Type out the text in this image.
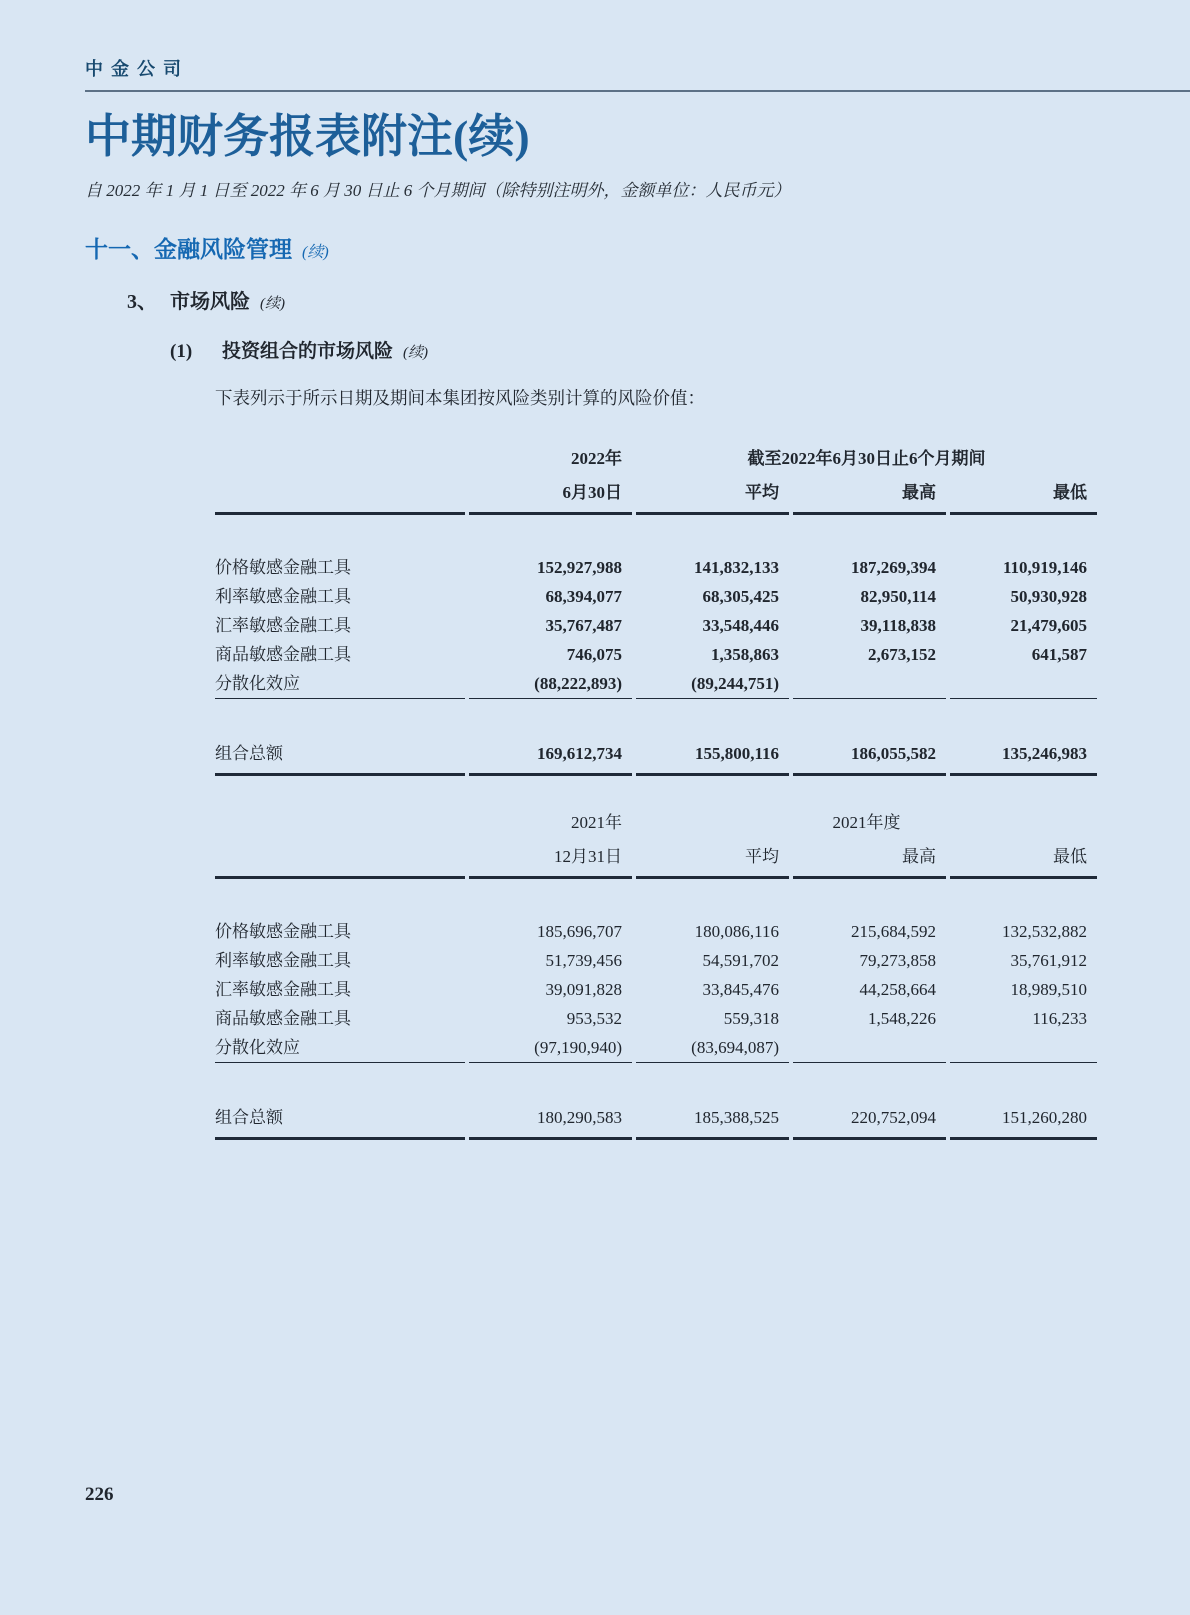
中金公司
中期财务报表附注(续)
自 2022 年 1 月 1 日至 2022 年 6 月 30 日止 6 个月期间（除特别注明外，金额单位：人民币元）
十一、金融风险管理 (续)
3、 市场风险 (续)
(1) 投资组合的市场风险 (续)
下表列示于所示日期及期间本集团按风险类别计算的风险价值：
	2022年	截至2022年6月30日止6个月期间		
	6月30日	平均	最高	最低
价格敏感金融工具	152,927,988	141,832,133	187,269,394	110,919,146
利率敏感金融工具	68,394,077	68,305,425	82,950,114	50,930,928
汇率敏感金融工具	35,767,487	33,548,446	39,118,838	21,479,605
商品敏感金融工具	746,075	1,358,863	2,673,152	641,587
分散化效应	(88,222,893)	(89,244,751)		

组合总额	169,612,734	155,800,116	186,055,582	135,246,983
	2021年	2021年度		
	12月31日	平均	最高	最低
价格敏感金融工具	185,696,707	180,086,116	215,684,592	132,532,882
利率敏感金融工具	51,739,456	54,591,702	79,273,858	35,761,912
汇率敏感金融工具	39,091,828	33,845,476	44,258,664	18,989,510
商品敏感金融工具	953,532	559,318	1,548,226	116,233
分散化效应	(97,190,940)	(83,694,087)		

组合总额	180,290,583	185,388,525	220,752,094	151,260,280
226
